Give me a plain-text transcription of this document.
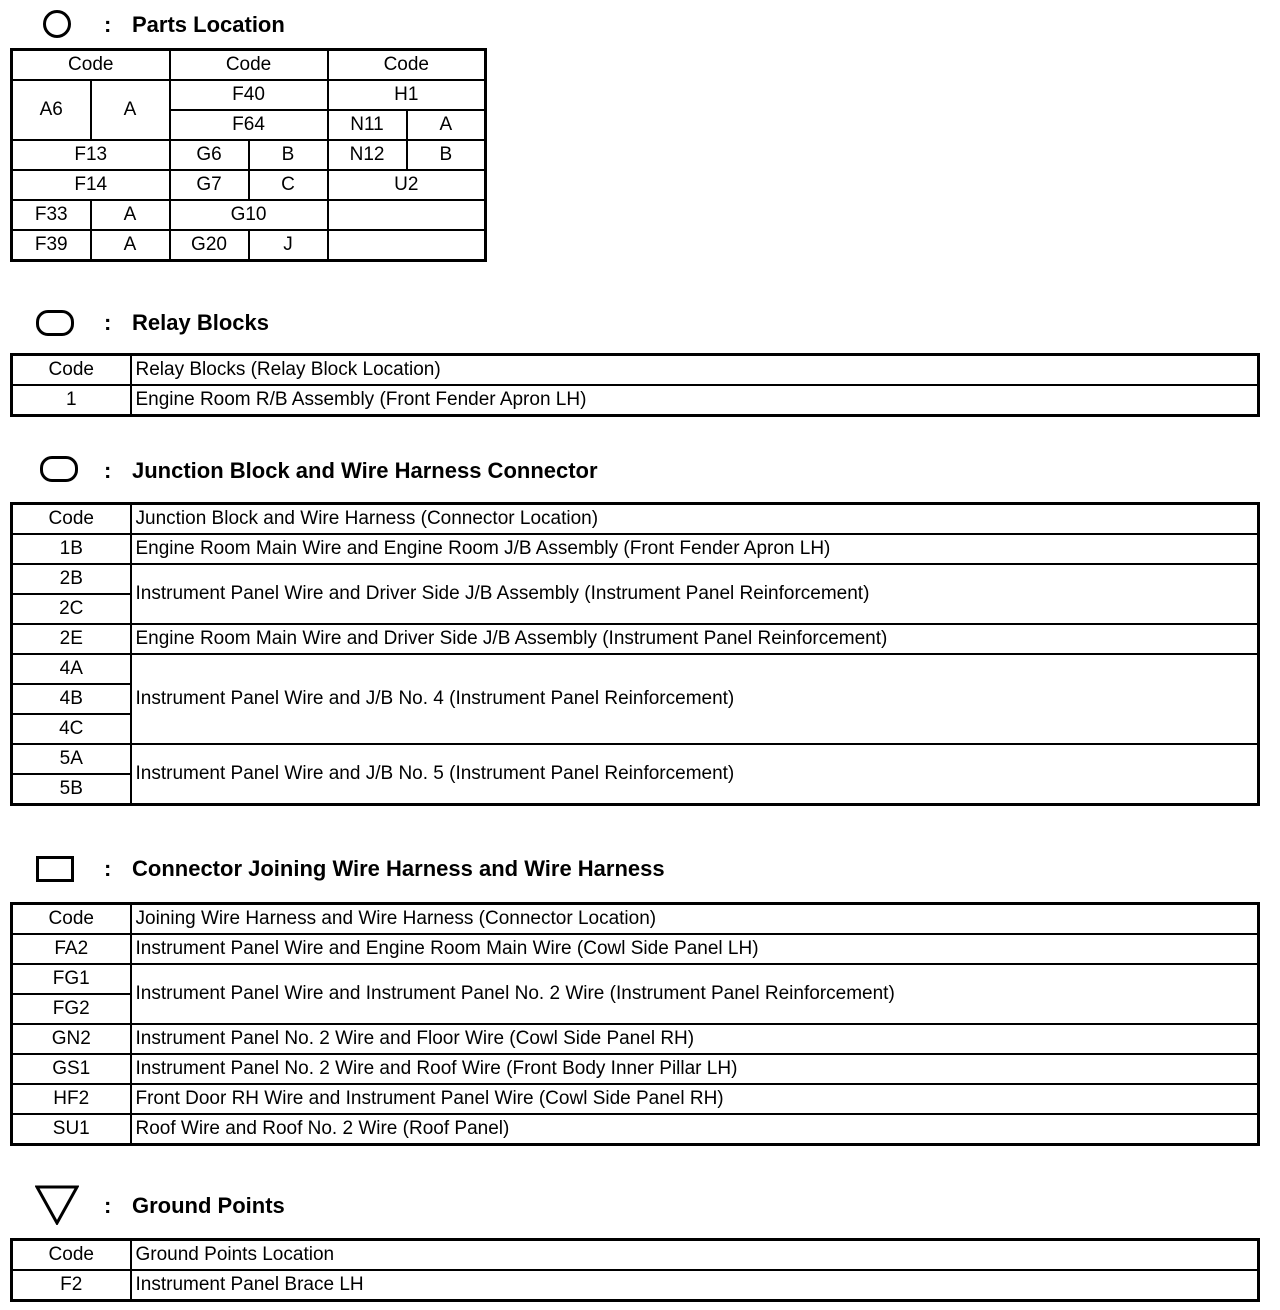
: Parts Location
Code		Code		Code	
A6	A	F40		H1	
		F64		N11	A
F13		G6	B	N12	B
F14		G7	C	U2	
F33	A	G10			
F39	A	G20	J		
: Relay Blocks
Code	Relay Blocks (Relay Block Location)
1	Engine Room R/B Assembly (Front Fender Apron LH)
: Junction Block and Wire Harness Connector
Code	Junction Block and Wire Harness (Connector Location)
1B	Engine Room Main Wire and Engine Room J/B Assembly (Front Fender Apron LH)
2B	Instrument Panel Wire and Driver Side J/B Assembly (Instrument Panel Reinforcement)
2C	
2E	Engine Room Main Wire and Driver Side J/B Assembly (Instrument Panel Reinforcement)
4A	Instrument Panel Wire and J/B No. 4 (Instrument Panel Reinforcement)
4B	
4C	
5A	Instrument Panel Wire and J/B No. 5 (Instrument Panel Reinforcement)
5B	
: Connector Joining Wire Harness and Wire Harness
Code	Joining Wire Harness and Wire Harness (Connector Location)
FA2	Instrument Panel Wire and Engine Room Main Wire (Cowl Side Panel LH)
FG1	Instrument Panel Wire and Instrument Panel No. 2 Wire (Instrument Panel Reinforcement)
FG2	
GN2	Instrument Panel No. 2 Wire and Floor Wire (Cowl Side Panel RH)
GS1	Instrument Panel No. 2 Wire and Roof Wire (Front Body Inner Pillar LH)
HF2	Front Door RH Wire and Instrument Panel Wire (Cowl Side Panel RH)
SU1	Roof Wire and Roof No. 2 Wire (Roof Panel)
: Ground Points
Code	Ground Points Location
F2	Instrument Panel Brace LH
